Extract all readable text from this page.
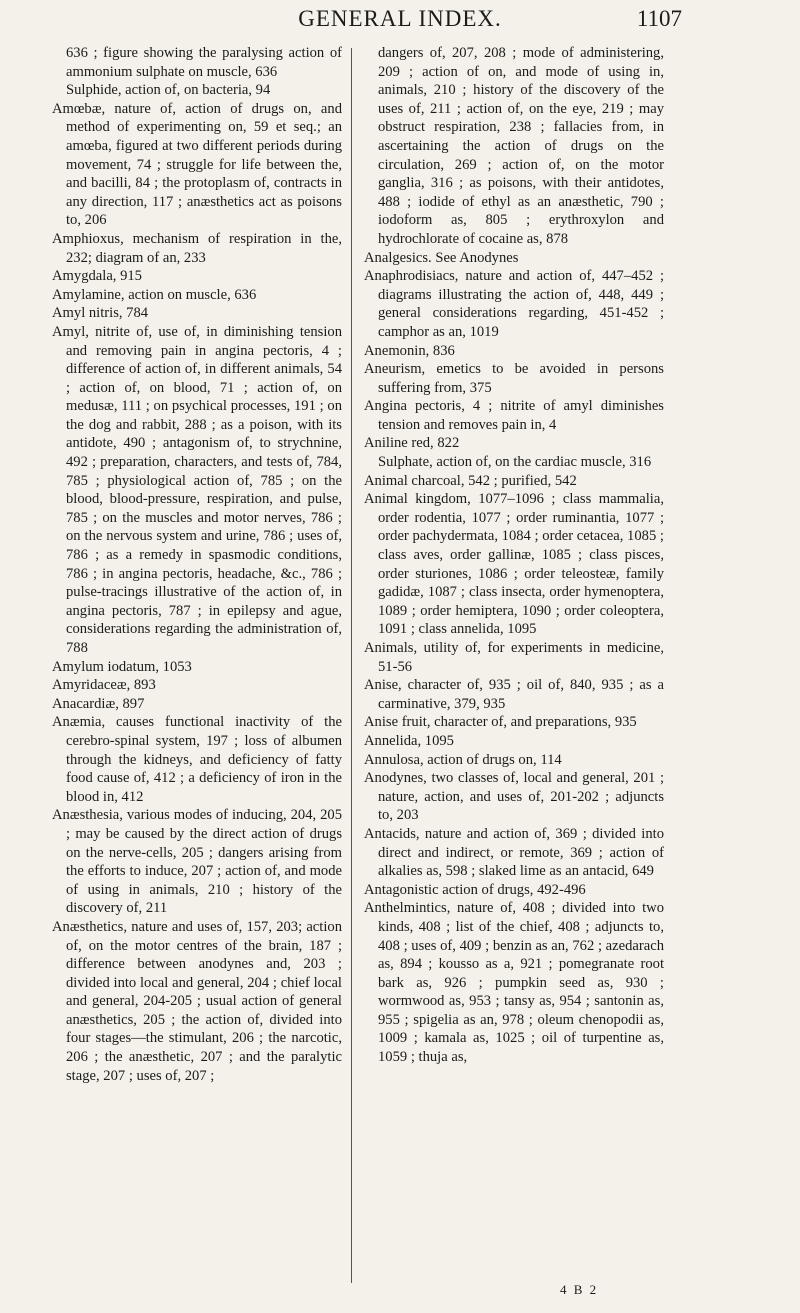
GENERAL INDEX.	1107

636 ; figure showing the paralysing action of ammonium sulphate on muscle, 636

Sulphide, action of, on bacteria, 94

Amœbæ, nature of, action of drugs on, and method of experimenting on, 59 et seq.; an amœba, figured at two different periods during movement, 74 ; struggle for life between the, and bacilli, 84 ; the protoplasm of, contracts in any direction, 117 ; anæsthetics act as poisons to, 206

Amphioxus, mechanism of respiration in the, 232; diagram of an, 233

Amygdala, 915

Amylamine, action on muscle, 636

Amyl nitris, 784

Amyl, nitrite of, use of, in diminishing tension and removing pain in angina pectoris, 4 ; difference of action of, in different animals, 54 ; action of, on blood, 71 ; action of, on medusæ, 111 ; on psychical processes, 191 ; on the dog and rabbit, 288 ; as a poison, with its antidote, 490 ; antagonism of, to strychnine, 492 ; preparation, characters, and tests of, 784, 785 ; physiological action of, 785 ; on the blood, blood-pressure, respiration, and pulse, 785 ; on the muscles and motor nerves, 786 ; on the nervous system and urine, 786 ; uses of, 786 ; as a remedy in spasmodic conditions, 786 ; in angina pectoris, headache, &c., 786 ; pulse-tracings illustrative of the action of, in angina pectoris, 787 ; in epilepsy and ague, considerations regarding the administration of, 788

Amylum iodatum, 1053

Amyridaceæ, 893

Anacardiæ, 897

Anæmia, causes functional inactivity of the cerebro-spinal system, 197 ; loss of albumen through the kidneys, and deficiency of fatty food cause of, 412 ; a deficiency of iron in the blood in, 412

Anæsthesia, various modes of inducing, 204, 205 ; may be caused by the direct action of drugs on the nerve-cells, 205 ; dangers arising from the efforts to induce, 207 ; action of, and mode of using in animals, 210 ; history of the discovery of, 211

Anæsthetics, nature and uses of, 157, 203; action of, on the motor centres of the brain, 187 ; difference between anodynes and, 203 ; divided into local and general, 204 ; chief local and general, 204-205 ; usual action of general anæsthetics, 205 ; the action of, divided into four stages—the stimulant, 206 ; the narcotic, 206 ; the anæsthetic, 207 ; and the paralytic stage, 207 ; uses of, 207 ;

dangers of, 207, 208 ; mode of administering, 209 ; action of on, and mode of using in, animals, 210 ; history of the discovery of the uses of, 211 ; action of, on the eye, 219 ; may obstruct respiration, 238 ; fallacies from, in ascertaining the action of drugs on the circulation, 269 ; action of, on the motor ganglia, 316 ; as poisons, with their antidotes, 488 ; iodide of ethyl as an anæsthetic, 790 ; iodoform as, 805 ; erythroxylon and hydrochlorate of cocaine as, 878

Analgesics. See Anodynes

Anaphrodisiacs, nature and action of, 447–452 ; diagrams illustrating the action of, 448, 449 ; general considerations regarding, 451-452 ; camphor as an, 1019

Anemonin, 836

Aneurism, emetics to be avoided in persons suffering from, 375

Angina pectoris, 4 ; nitrite of amyl diminishes tension and removes pain in, 4

Aniline red, 822

Sulphate, action of, on the cardiac muscle, 316

Animal charcoal, 542 ; purified, 542

Animal kingdom, 1077–1096 ; class mammalia, order rodentia, 1077 ; order ruminantia, 1077 ; order pachydermata, 1084 ; order cetacea, 1085 ; class aves, order gallinæ, 1085 ; class pisces, order sturiones, 1086 ; order teleosteæ, family gadidæ, 1087 ; class insecta, order hymenoptera, 1089 ; order hemiptera, 1090 ; order coleoptera, 1091 ; class annelida, 1095

Animals, utility of, for experiments in medicine, 51-56

Anise, character of, 935 ; oil of, 840, 935 ; as a carminative, 379, 935

Anise fruit, character of, and preparations, 935

Annelida, 1095

Annulosa, action of drugs on, 114

Anodynes, two classes of, local and general, 201 ; nature, action, and uses of, 201-202 ; adjuncts to, 203

Antacids, nature and action of, 369 ; divided into direct and indirect, or remote, 369 ; action of alkalies as, 598 ; slaked lime as an antacid, 649

Antagonistic action of drugs, 492-496

Anthelmintics, nature of, 408 ; divided into two kinds, 408 ; list of the chief, 408 ; adjuncts to, 408 ; uses of, 409 ; benzin as an, 762 ; azedarach as, 894 ; kousso as a, 921 ; pomegranate root bark as, 926 ; pumpkin seed as, 930 ; wormwood as, 953 ; tansy as, 954 ; santonin as, 955 ; spigelia as an, 978 ; oleum chenopodii as, 1009 ; kamala as, 1025 ; oil of turpentine as, 1059 ; thuja as,

4 B 2
